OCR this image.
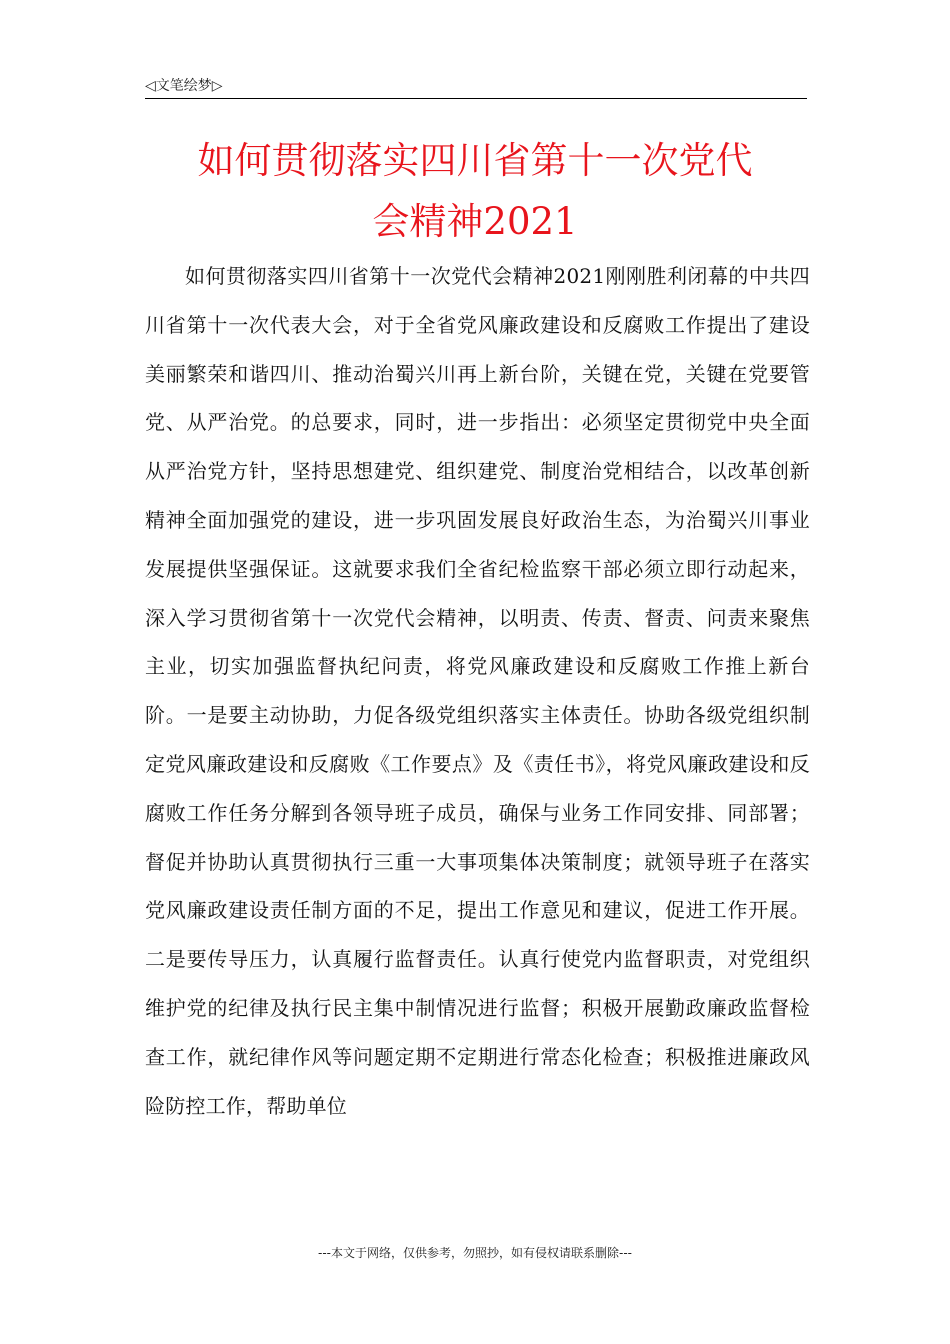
◁文笔绘梦▷
如何贯彻落实四川省第十一次党代
会精神2021

如何贯彻落实四川省第十一次党代会精神2021刚刚胜利闭幕的中共四川省第十一次代表大会，对于全省党风廉政建设和反腐败工作提出了建设美丽繁荣和谐四川、推动治蜀兴川再上新台阶，关键在党，关键在党要管党、从严治党。的总要求，同时，进一步指出：必须坚定贯彻党中央全面从严治党方针，坚持思想建党、组织建党、制度治党相结合，以改革创新精神全面加强党的建设，进一步巩固发展良好政治生态，为治蜀兴川事业发展提供坚强保证。这就要求我们全省纪检监察干部必须立即行动起来，深入学习贯彻省第十一次党代会精神，以明责、传责、督责、问责来聚焦主业，切实加强监督执纪问责，将党风廉政建设和反腐败工作推上新台阶。一是要主动协助，力促各级党组织落实主体责任。协助各级党组织制定党风廉政建设和反腐败《工作要点》及《责任书》，将党风廉政建设和反腐败工作任务分解到各领导班子成员，确保与业务工作同安排、同部署；督促并协助认真贯彻执行三重一大事项集体决策制度；就领导班子在落实党风廉政建设责任制方面的不足，提出工作意见和建议，促进工作开展。二是要传导压力，认真履行监督责任。认真行使党内监督职责，对党组织维护党的纪律及执行民主集中制情况进行监督；积极开展勤政廉政监督检查工作，就纪律作风等问题定期不定期进行常态化检查；积极推进廉政风险防控工作，帮助单位

---本文于网络，仅供参考，勿照抄，如有侵权请联系删除---
